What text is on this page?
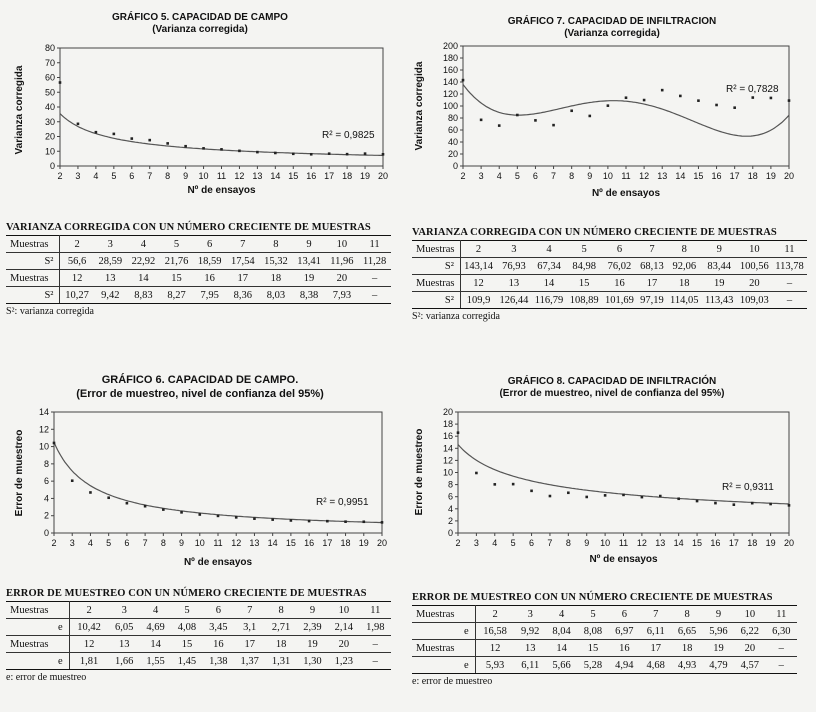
GRÁFICO 5. CAPACIDAD DE CAMPO
(Varianza corregida)
0
10
20
30
40
50
60
70
80
2 3 4 5 6 7 8 9 10 11 12 13 14 15 16 17 18 19 20
Nº de ensayos
Varianza corregida	R² = 0,9825
GRÁFICO 7. CAPACIDAD DE INFILTRACION
(Varianza corregida)
0
20
40
60
80
100
120
140
160
180
200
2 3 4 5 6 7 8 9 10 11 12 13 14 15 16 17 18 19 20
Nº de ensayos
Varianza corregida	R² = 0,7828
GRÁFICO 6. CAPACIDAD DE CAMPO.
(Error de muestreo, nivel de confianza del 95%)
0
2
4
6
8
10
12
14
2 3 4 5 6 7 8 9 10 11 12 13 14 15 16 17 18 19 20
Nº de ensayos
Error de muestreo	R² = 0,9951
GRÁFICO 8. CAPACIDAD DE INFILTRACIÓN
(Error de muestreo, nivel de confianza del 95%)
0
2
4
6
8
10
12
14
16
18
20
2 3 4 5 6 7 8 9 10 11 12 13 14 15 16 17 18 19 20
Nº de ensayos
Error de muestreo	R² = 0,9311
VARIANZA CORREGIDA CON UN NÚMERO CRECIENTE DE MUESTRAS
Muestras	2	3	4	5	6	7	8	9	10	11
S²	56,6	28,59	22,92	21,76	18,59	17,54	15,32	13,41	11,96	11,28
Muestras	12	13	14	15	16	17	18	19	20	–
S²	10,27	9,42	8,83	8,27	7,95	8,36	8,03	8,38	7,93	–
S²: varianza corregida
VARIANZA CORREGIDA CON UN NÚMERO CRECIENTE DE MUESTRAS
Muestras	2	3	4	5	6	7	8	9	10	11
S²	143,14	76,93	67,34	84,98	76,02	68,13	92,06	83,44	100,56	113,78
Muestras	12	13	14	15	16	17	18	19	20	–
S²	109,9	126,44	116,79	108,89	101,69	97,19	114,05	113,43	109,03	–
S²: varianza corregida
ERROR DE MUESTREO CON UN NÚMERO CRECIENTE DE MUESTRAS
Muestras	2	3	4	5	6	7	8	9	10	11
e	10,42	6,05	4,69	4,08	3,45	3,1	2,71	2,39	2,14	1,98
Muestras	12	13	14	15	16	17	18	19	20	–
e	1,81	1,66	1,55	1,45	1,38	1,37	1,31	1,30	1,23	–
e: error de muestreo
ERROR DE MUESTREO CON UN NÚMERO CRECIENTE DE MUESTRAS
Muestras	2	3	4	5	6	7	8	9	10	11
e	16,58	9,92	8,04	8,08	6,97	6,11	6,65	5,96	6,22	6,30
Muestras	12	13	14	15	16	17	18	19	20	–
e	5,93	6,11	5,66	5,28	4,94	4,68	4,93	4,79	4,57	–
e: error de muestreo
